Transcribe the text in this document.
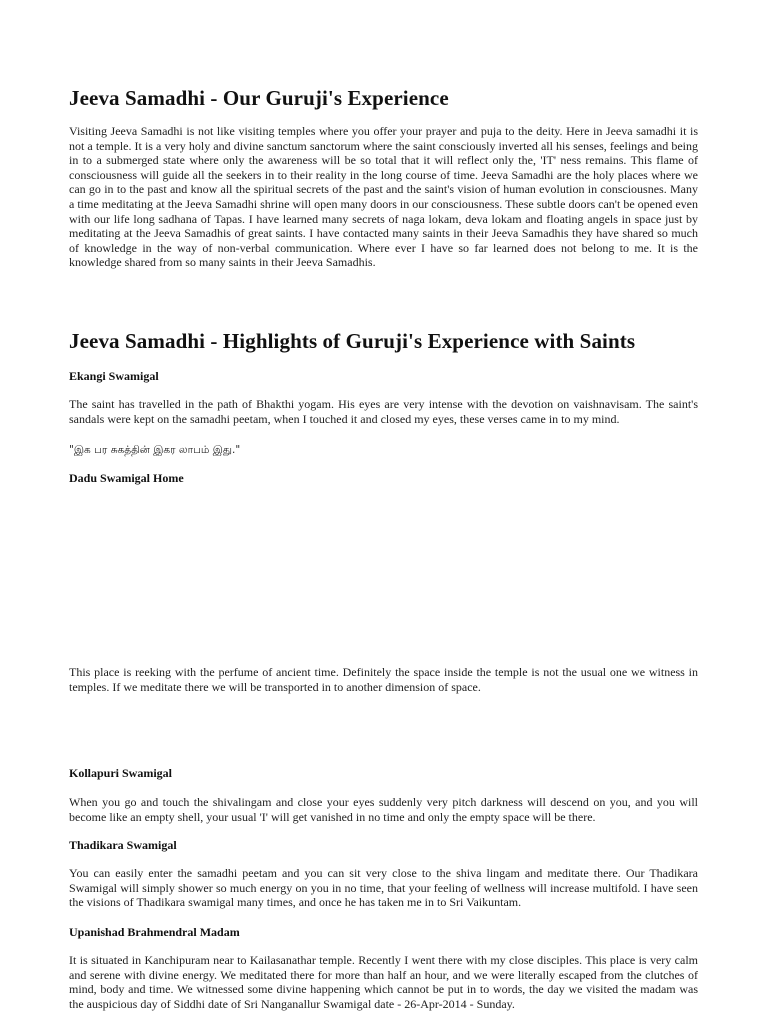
Jeeva Samadhi - Our Guruji's Experience

Visiting Jeeva Samadhi is not like visiting temples where you offer your prayer and puja to the deity. Here in Jeeva samadhi it is not a temple. It is a very holy and divine sanctum sanctorum where the saint consciously inverted all his senses, feelings and being in to a submerged state where only the awareness will be so total that it will reflect only the, 'IT' ness remains. This flame of consciousness will guide all the seekers in to their reality in the long course of time. Jeeva Samadhi are the holy places where we can go in to the past and know all the spiritual secrets of the past and the saint's vision of human evolution in consciousnes. Many a time meditating at the Jeeva Samadhi shrine will open many doors in our consciousness. These subtle doors can't be opened even with our life long sadhana of Tapas. I have learned many secrets of naga lokam, deva lokam and floating angels in space just by meditating at the Jeeva Samadhis of great saints. I have contacted many saints in their Jeeva Samadhis they have shared so much of knowledge in the way of non-verbal communication. Where ever I have so far learned does not belong to me. It is the knowledge shared from so many saints in their Jeeva Samadhis.

Jeeva Samadhi - Highlights of Guruji's Experience with Saints
Ekangi Swamigal

The saint has travelled in the path of Bhakthi yogam. His eyes are very intense with the devotion on vaishnavisam. The saint's sandals were kept on the samadhi peetam, when I touched it and closed my eyes, these verses came in to my mind.

"இக பர சுகத்தின் இகர லாபம் இது."

Dadu Swamigal Home

This place is reeking with the perfume of ancient time. Definitely the space inside the temple is not the usual one we witness in temples. If we meditate there we will be transported in to another dimension of space.

Kollapuri Swamigal

When you go and touch the shivalingam and close your eyes suddenly very pitch darkness will descend on you, and you will become like an empty shell, your usual 'I' will get vanished in no time and only the empty space will be there.

Thadikara Swamigal

You can easily enter the samadhi peetam and you can sit very close to the shiva lingam and meditate there. Our Thadikara Swamigal will simply shower so much energy on you in no time, that your feeling of wellness will increase multifold. I have seen the visions of Thadikara swamigal many times, and once he has taken me in to Sri Vaikuntam.

Upanishad Brahmendral Madam

It is situated in Kanchipuram near to Kailasanathar temple. Recently I went there with my close disciples. This place is very calm and serene with divine energy. We meditated there for more than half an hour, and we were literally escaped from the clutches of mind, body and time. We witnessed some divine happening which cannot be put in to words, the day we visited the madam was the auspicious day of Siddhi date of Sri Nanganallur Swamigal date - 26-Apr-2014 - Sunday.
